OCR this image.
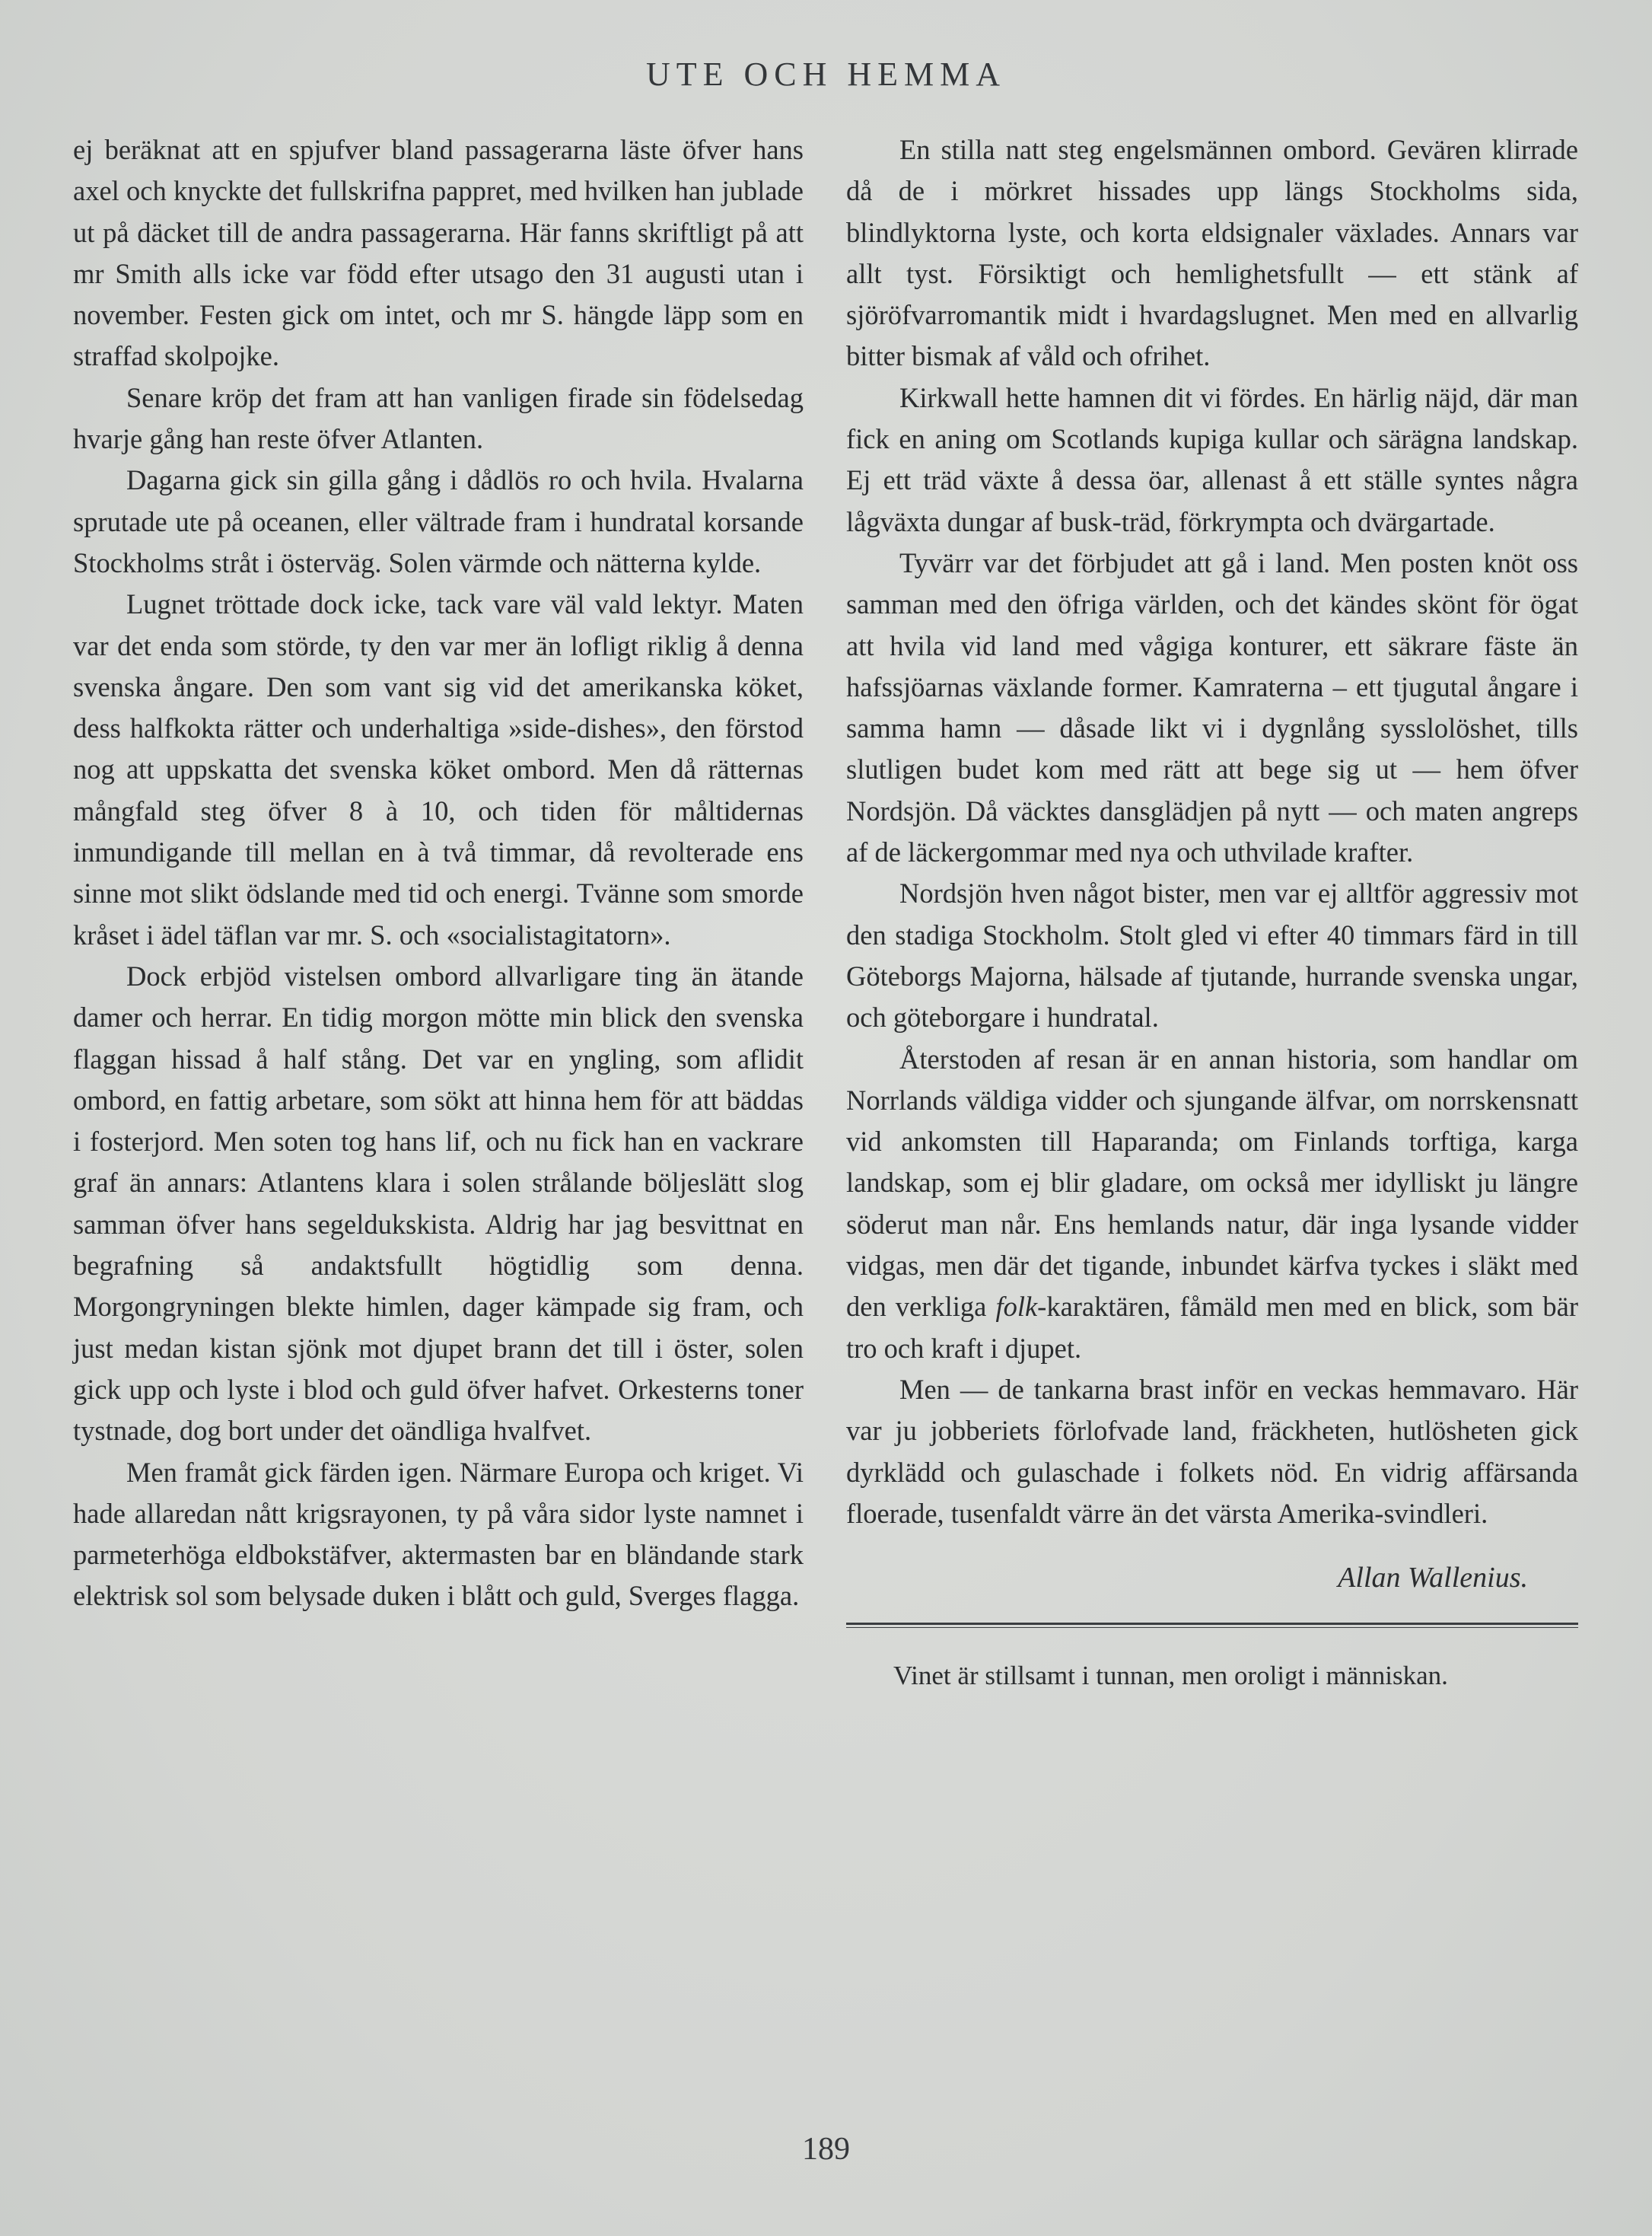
UTE OCH HEMMA

ej beräknat att en spjufver bland passagerarna läste öfver hans axel och knyckte det fullskrifna pappret, med hvilken han jublade ut på däcket till de andra passagerarna. Här fanns skriftligt på att mr Smith alls icke var född efter utsago den 31 augusti utan i november. Festen gick om intet, och mr S. hängde läpp som en straffad skolpojke.

Senare kröp det fram att han vanligen firade sin födelsedag hvarje gång han reste öfver Atlanten.

Dagarna gick sin gilla gång i dådlös ro och hvila. Hvalarna sprutade ute på oceanen, eller vältrade fram i hundratal korsande Stockholms stråt i österväg. Solen värmde och nätterna kylde.

Lugnet tröttade dock icke, tack vare väl vald lektyr. Maten var det enda som störde, ty den var mer än lofligt riklig å denna svenska ångare. Den som vant sig vid det amerikanska köket, dess halfkokta rätter och underhaltiga »side-dishes», den förstod nog att uppskatta det svenska köket ombord. Men då rätternas mångfald steg öfver 8 à 10, och tiden för måltidernas inmundigande till mellan en à två timmar, då revolterade ens sinne mot slikt ödslande med tid och energi. Tvänne som smorde kråset i ädel täflan var mr. S. och «socialistagitatorn».

Dock erbjöd vistelsen ombord allvarligare ting än ätande damer och herrar. En tidig morgon mötte min blick den svenska flaggan hissad å half stång. Det var en yngling, som aflidit ombord, en fattig arbetare, som sökt att hinna hem för att bäddas i fosterjord. Men soten tog hans lif, och nu fick han en vackrare graf än annars: Atlantens klara i solen strålande böljeslätt slog samman öfver hans segeldukskista. Aldrig har jag besvittnat en begrafning så andaktsfullt högtidlig som denna. Morgongryningen blekte himlen, dager kämpade sig fram, och just medan kistan sjönk mot djupet brann det till i öster, solen gick upp och lyste i blod och guld öfver hafvet. Orkesterns toner tystnade, dog bort under det oändliga hvalfvet.

Men framåt gick färden igen. Närmare Europa och kriget. Vi hade allaredan nått krigsrayonen, ty på våra sidor lyste namnet i parmeterhöga eldbokstäfver, aktermasten bar en bländande stark elektrisk sol som belysade duken i blått och guld, Sverges flagga.

En stilla natt steg engelsmännen ombord. Gevären klirrade då de i mörkret hissades upp längs Stockholms sida, blindlyktorna lyste, och korta eldsignaler växlades. Annars var allt tyst. Försiktigt och hemlighetsfullt — ett stänk af sjöröfvarromantik midt i hvardagslugnet. Men med en allvarlig bitter bismak af våld och ofrihet.

Kirkwall hette hamnen dit vi fördes. En härlig näjd, där man fick en aning om Scotlands kupiga kullar och särägna landskap. Ej ett träd växte å dessa öar, allenast å ett ställe syntes några lågväxta dungar af busk-träd, förkrympta och dvärgartade.

Tyvärr var det förbjudet att gå i land. Men posten knöt oss samman med den öfriga världen, och det kändes skönt för ögat att hvila vid land med vågiga konturer, ett säkrare fäste än hafssjöarnas växlande former. Kamraterna – ett tjugutal ångare i samma hamn — dåsade likt vi i dygnlång sysslolöshet, tills slutligen budet kom med rätt att bege sig ut — hem öfver Nordsjön. Då väcktes dansglädjen på nytt — och maten angreps af de läckergommar med nya och uthvilade krafter.

Nordsjön hven något bister, men var ej alltför aggressiv mot den stadiga Stockholm. Stolt gled vi efter 40 timmars färd in till Göteborgs Majorna, hälsade af tjutande, hurrande svenska ungar, och göteborgare i hundratal.

Återstoden af resan är en annan historia, som handlar om Norrlands väldiga vidder och sjungande älfvar, om norrskensnatt vid ankomsten till Haparanda; om Finlands torftiga, karga landskap, som ej blir gladare, om också mer idylliskt ju längre söderut man når. Ens hemlands natur, där inga lysande vidder vidgas, men där det tigande, inbundet kärfva tyckes i släkt med den verkliga folk-karaktären, fåmäld men med en blick, som bär tro och kraft i djupet.

Men — de tankarna brast inför en veckas hemmavaro. Här var ju jobberiets förlofvade land, fräckheten, hutlösheten gick dyrklädd och gulaschade i folkets nöd. En vidrig affärsanda floerade, tusenfaldt värre än det värsta Amerika-svindleri.

Allan Wallenius.

Vinet är stillsamt i tunnan, men oroligt i människan.

189
